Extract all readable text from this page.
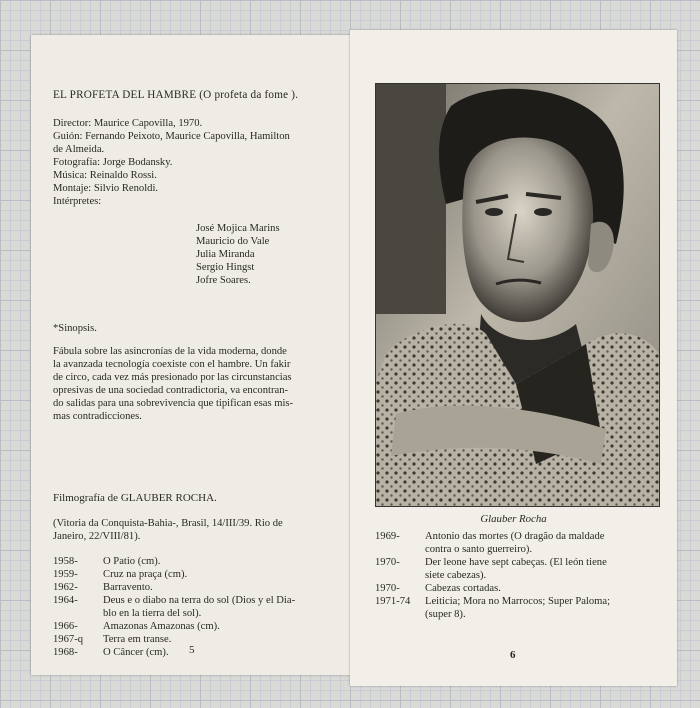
EL PROFETA DEL HAMBRE (O profeta da fome ).
Director: Maurice Capovilla, 1970.
Guión: Fernando Peixoto, Maurice Capovilla, Hamilton
de Almeida.
Fotografía: Jorge Bodansky.
Música: Reinaldo Rossi.
Montaje: Silvio Renoldi.
Intérpretes:
José Mojica Marins
Mauricio do Vale
Julia Miranda
Sergio Hingst
Jofre Soares.
*Sinopsis.
Fábula sobre las asincronías de la vida moderna, donde
la avanzada tecnología coexiste con el hambre. Un fakir
de circo, cada vez más presionado por las circunstancias
opresivas de una sociedad contradictoria, va encontran-
do salidas para una sobrevivencia que tipifican esas mis-
mas contradicciones.
Filmografía de GLAUBER ROCHA.
(Vitoria da Conquista-Bahia-, Brasil, 14/III/39. Rio de
Janeiro, 22/VIII/81).
1958-	O Patio (cm).
1959-	Cruz na praça (cm).
1962-	Barravento.
1964-	Deus e o diabo na terra do sol (Dios y el Dia-
blo en la tierra del sol).
1966-	Amazonas Amazonas (cm).
1967-q	Terra em transe.
1968-	O Câncer (cm). 5
Glauber Rocha
1969-	Antonio das mortes (O dragão da maldade
contra o santo guerreiro).
1970-	Der leone have sept cabeças. (El león tiene
siete cabezas).
1970-	Cabezas cortadas.
1971-74	Leiticia; Mora no Marrocos; Super Paloma;
(super 8).
6
